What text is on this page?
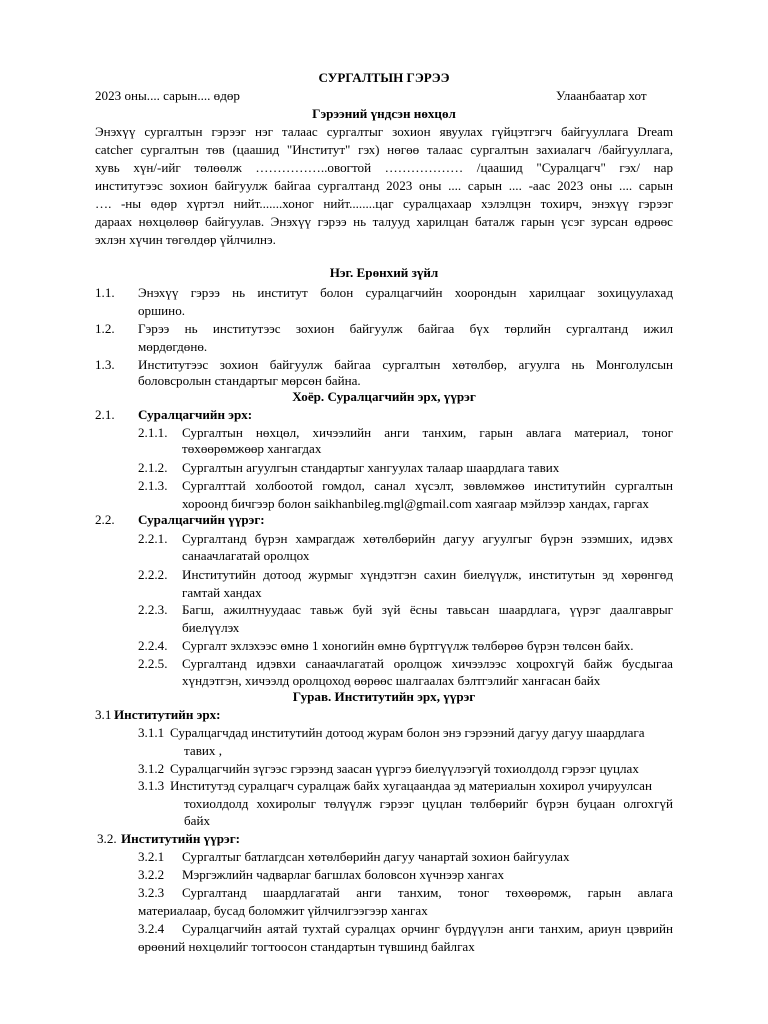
СУРГАЛТЫН ГЭРЭЭ
2023 оны.... сарын.... өдөр	Улаанбаатар хот
Гэрээний үндсэн нөхцөл
Энэхүү сургалтын гэрээг нэг талаас сургалтыг зохион явуулах гүйцэтгэгч байгууллага Dream
catcher сургалтын төв (цаашид "Институт" гэх) нөгөө талаас сургалтын захиалагч /байгууллага,
хувь хүн/-ийг төлөөлж ……………..овогтой ……………… /цаашид "Суралцагч" гэх/ нар
институтээс зохион байгуулж байгаа сургалтанд 2023 оны .... сарын .... -аас 2023 оны .... сарын
…. -ны өдөр хүртэл нийт.......хоног нийт........цаг суралцахаар хэлэлцэн тохирч, энэхүү гэрээг
дараах нөхцөлөөр байгуулав. Энэхүү гэрээ нь талууд харилцан баталж гарын үсэг зурсан өдрөөс
эхлэн хүчин төгөлдөр үйлчилнэ.
Нэг. Ерөнхий зүйл
1.1. Энэхүү гэрээ нь институт болон суралцагчийн хоорондын харилцааг зохицуулахад
оршино.
1.2. Гэрээ нь институтээс зохион байгуулж байгаа бүх төрлийн сургалтанд ижил
мөрдөгдөнө.
1.3. Институтээс зохион байгуулж байгаа сургалтын хөтөлбөр, агуулга нь Монголулсын
боловсролын стандартыг мөрсөн байна.
Хоёр. Суралцагчийн эрх, үүрэг
2.1. Суралцагчийн эрх:
2.1.1. Сургалтын нөхцөл, хичээлийн анги танхим, гарын авлага материал, тоног
төхөөрөмжөөр хангагдах
2.1.2. Сургалтын агуулгын стандартыг хангуулах талаар шаардлага тавих
2.1.3. Сургалттай холбоотой гомдол, санал хүсэлт, зөвлөмжөө институтийн сургалтын
хороонд бичгээр болон saikhanbileg.mgl@gmail.com хаягаар мэйлээр хандах, гаргах
2.2. Суралцагчийн үүрэг:
2.2.1. Сургалтанд бүрэн хамрагдаж хөтөлбөрийн дагуу агуулгыг бүрэн эзэмших, идэвх
санаачлагатай оролцох
2.2.2. Институтийн дотоод журмыг хүндэтгэн сахин биелүүлж, институтын эд хөрөнгөд
гамтай хандах
2.2.3. Багш, ажилтнуудаас тавьж буй зүй ёсны тавьсан шаардлага, үүрэг даалгаврыг
биелүүлэх
2.2.4. Сургалт эхлэхээс өмнө 1 хоногийн өмнө бүртгүүлж төлбөрөө бүрэн төлсөн байх.
2.2.5. Сургалтанд идэвхи санаачлагатай оролцож хичээлээс хоцрохгүй байж бусдыгаа
хүндэтгэн, хичээлд оролцоход өөрөөс шалгаалах бэлтгэлийг хангасан байх
Гурав. Институтийн эрх, үүрэг
3.1 Институтийн эрх:
3.1.1 Суралцагчдад институтийн дотоод журам болон энэ гэрээний дагуу дагуу шаардлага
тавих ,
3.1.2 Суралцагчийн зүгээс гэрээнд заасан үүргээ биелүүлээгүй тохиолдолд гэрээг цуцлах
3.1.3 Институтэд суралцагч суралцаж байх хугацаандаа эд материалын хохирол учируулсан
тохиолдолд хохиролыг төлүүлж гэрээг цуцлан төлбөрийг бүрэн буцаан олгохгүй
байх
3.2. Институтийн үүрэг:
3.2.1 Сургалтыг батлагдсан хөтөлбөрийн дагуу чанартай зохион байгуулах
3.2.2 Мэргэжлийн чадварлаг багшлах боловсон хүчнээр хангах
3.2.3 Сургалтанд шаардлагатай анги танхим, тоног төхөөрөмж, гарын авлага
материалаар, бусад боломжит үйлчилгээгээр хангах
3.2.4 Суралцагчийн аятай тухтай суралцах орчинг бүрдүүлэн анги танхим, ариун цэврийн
өрөөний нөхцөлийг тогтоосон стандартын түвшинд байлгах
